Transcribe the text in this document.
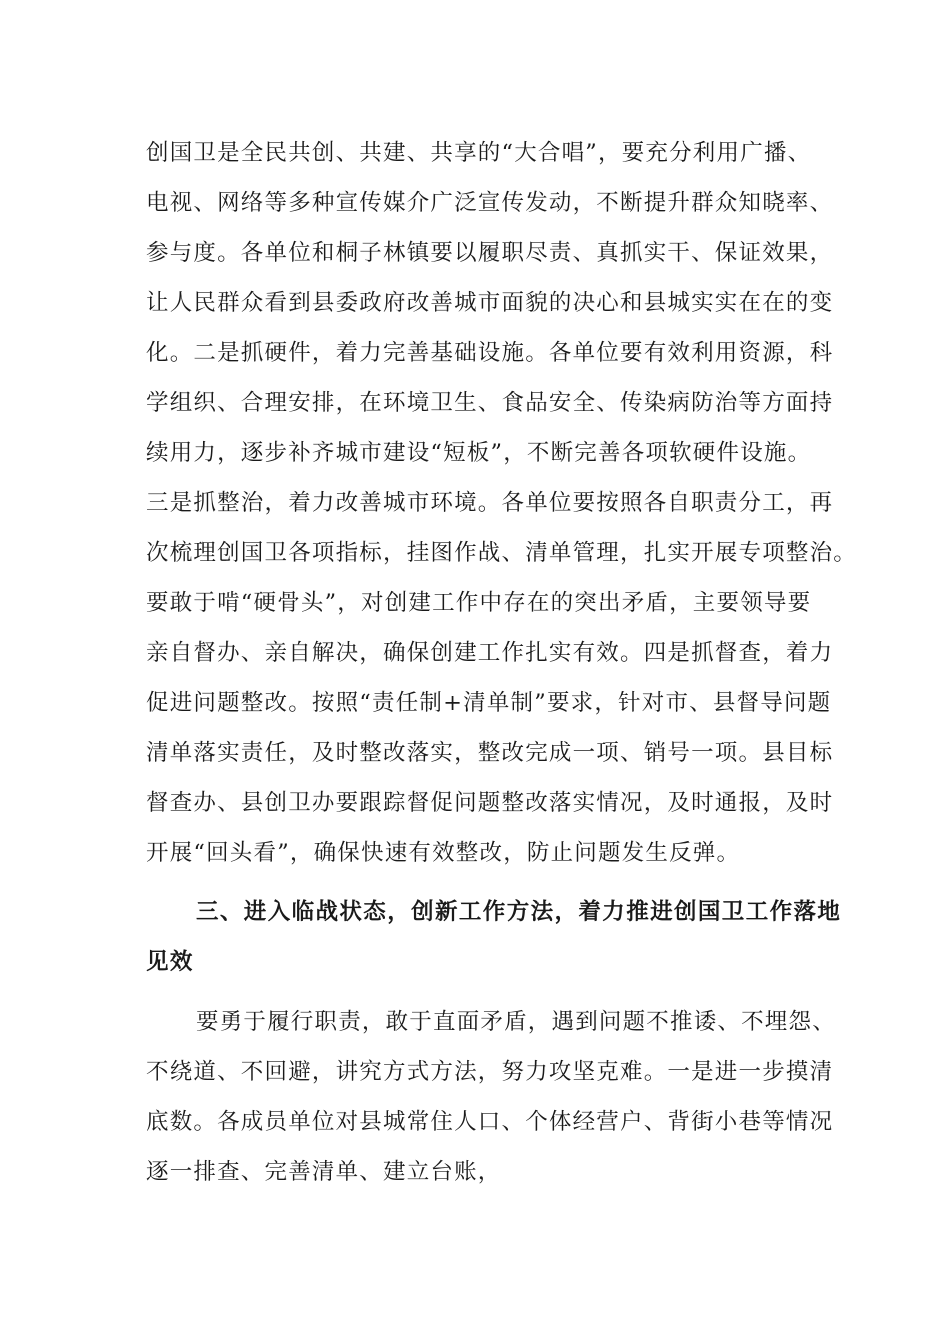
创国卫是全民共创、共建、共享的“大合唱”，要充分利用广播、
电视、网络等多种宣传媒介广泛宣传发动，不断提升群众知晓率、
参与度。各单位和桐子林镇要以履职尽责、真抓实干、保证效果，
让人民群众看到县委政府改善城市面貌的决心和县城实实在在的变
化。二是抓硬件，着力完善基础设施。各单位要有效利用资源，科
学组织、合理安排，在环境卫生、食品安全、传染病防治等方面持
续用力，逐步补齐城市建设“短板”，不断完善各项软硬件设施。
三是抓整治，着力改善城市环境。各单位要按照各自职责分工，再
次梳理创国卫各项指标，挂图作战、清单管理，扎实开展专项整治。
要敢于啃“硬骨头”，对创建工作中存在的突出矛盾，主要领导要
亲自督办、亲自解决，确保创建工作扎实有效。四是抓督查，着力
促进问题整改。按照“责任制+清单制”要求，针对市、县督导问题
清单落实责任，及时整改落实，整改完成一项、销号一项。县目标
督查办、县创卫办要跟踪督促问题整改落实情况，及时通报，及时
开展“回头看”，确保快速有效整改，防止问题发生反弹。
三、进入临战状态，创新工作方法，着力推进创国卫工作落地
见效
要勇于履行职责，敢于直面矛盾，遇到问题不推诿、不埋怨、
不绕道、不回避，讲究方式方法，努力攻坚克难。一是进一步摸清
底数。各成员单位对县城常住人口、个体经营户、背街小巷等情况
逐一排查、完善清单、建立台账，
